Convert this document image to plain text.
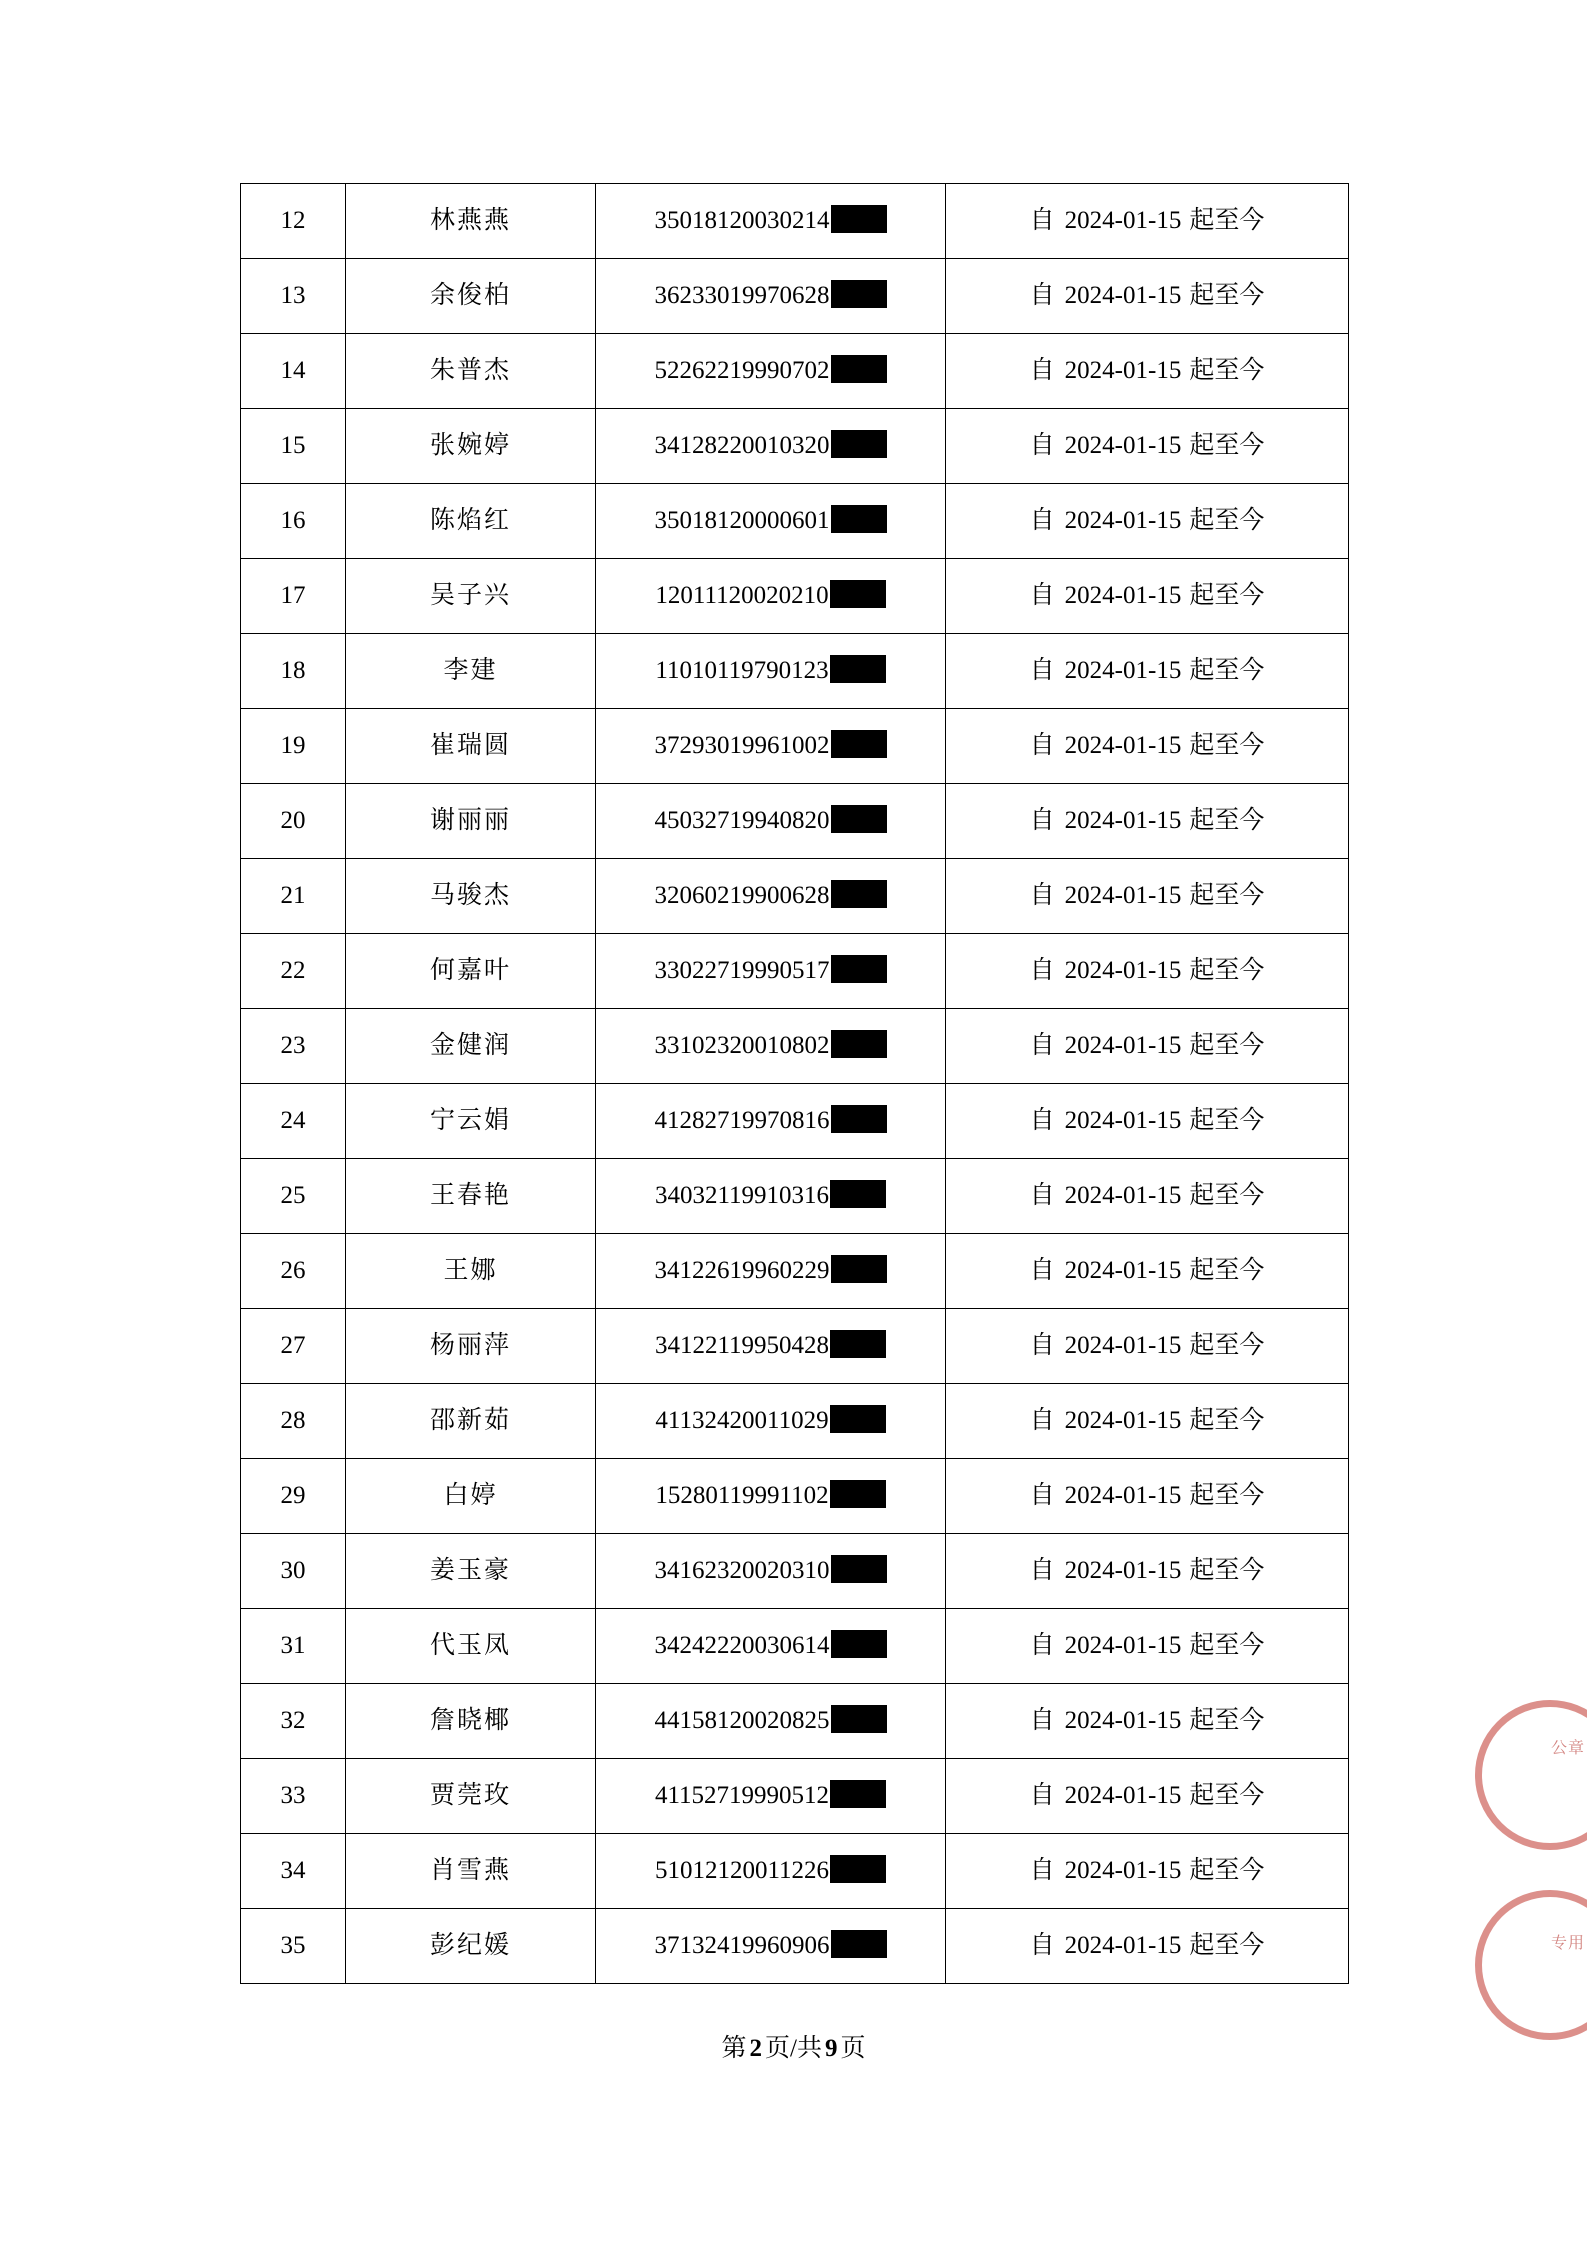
12	林燕燕	35018120030214	自 2024-01-15 起至今
13	余俊柏	36233019970628	自 2024-01-15 起至今
14	朱普杰	52262219990702	自 2024-01-15 起至今
15	张婉婷	34128220010320	自 2024-01-15 起至今
16	陈焰红	35018120000601	自 2024-01-15 起至今
17	吴子兴	12011120020210	自 2024-01-15 起至今
18	李建	11010119790123	自 2024-01-15 起至今
19	崔瑞圆	37293019961002	自 2024-01-15 起至今
20	谢丽丽	45032719940820	自 2024-01-15 起至今
21	马骏杰	32060219900628	自 2024-01-15 起至今
22	何嘉叶	33022719990517	自 2024-01-15 起至今
23	金健润	33102320010802	自 2024-01-15 起至今
24	宁云娟	41282719970816	自 2024-01-15 起至今
25	王春艳	34032119910316	自 2024-01-15 起至今
26	王娜	34122619960229	自 2024-01-15 起至今
27	杨丽萍	34122119950428	自 2024-01-15 起至今
28	邵新茹	41132420011029	自 2024-01-15 起至今
29	白婷	15280119991102	自 2024-01-15 起至今
30	姜玉豪	34162320020310	自 2024-01-15 起至今
31	代玉凤	34242220030614	自 2024-01-15 起至今
32	詹晓椰	44158120020825	自 2024-01-15 起至今
33	贾莞玫	41152719990512	自 2024-01-15 起至今
34	肖雪燕	51012120011226	自 2024-01-15 起至今
35	彭纪媛	37132419960906	自 2024-01-15 起至今
第 2 页/共 9 页
公章
专用
